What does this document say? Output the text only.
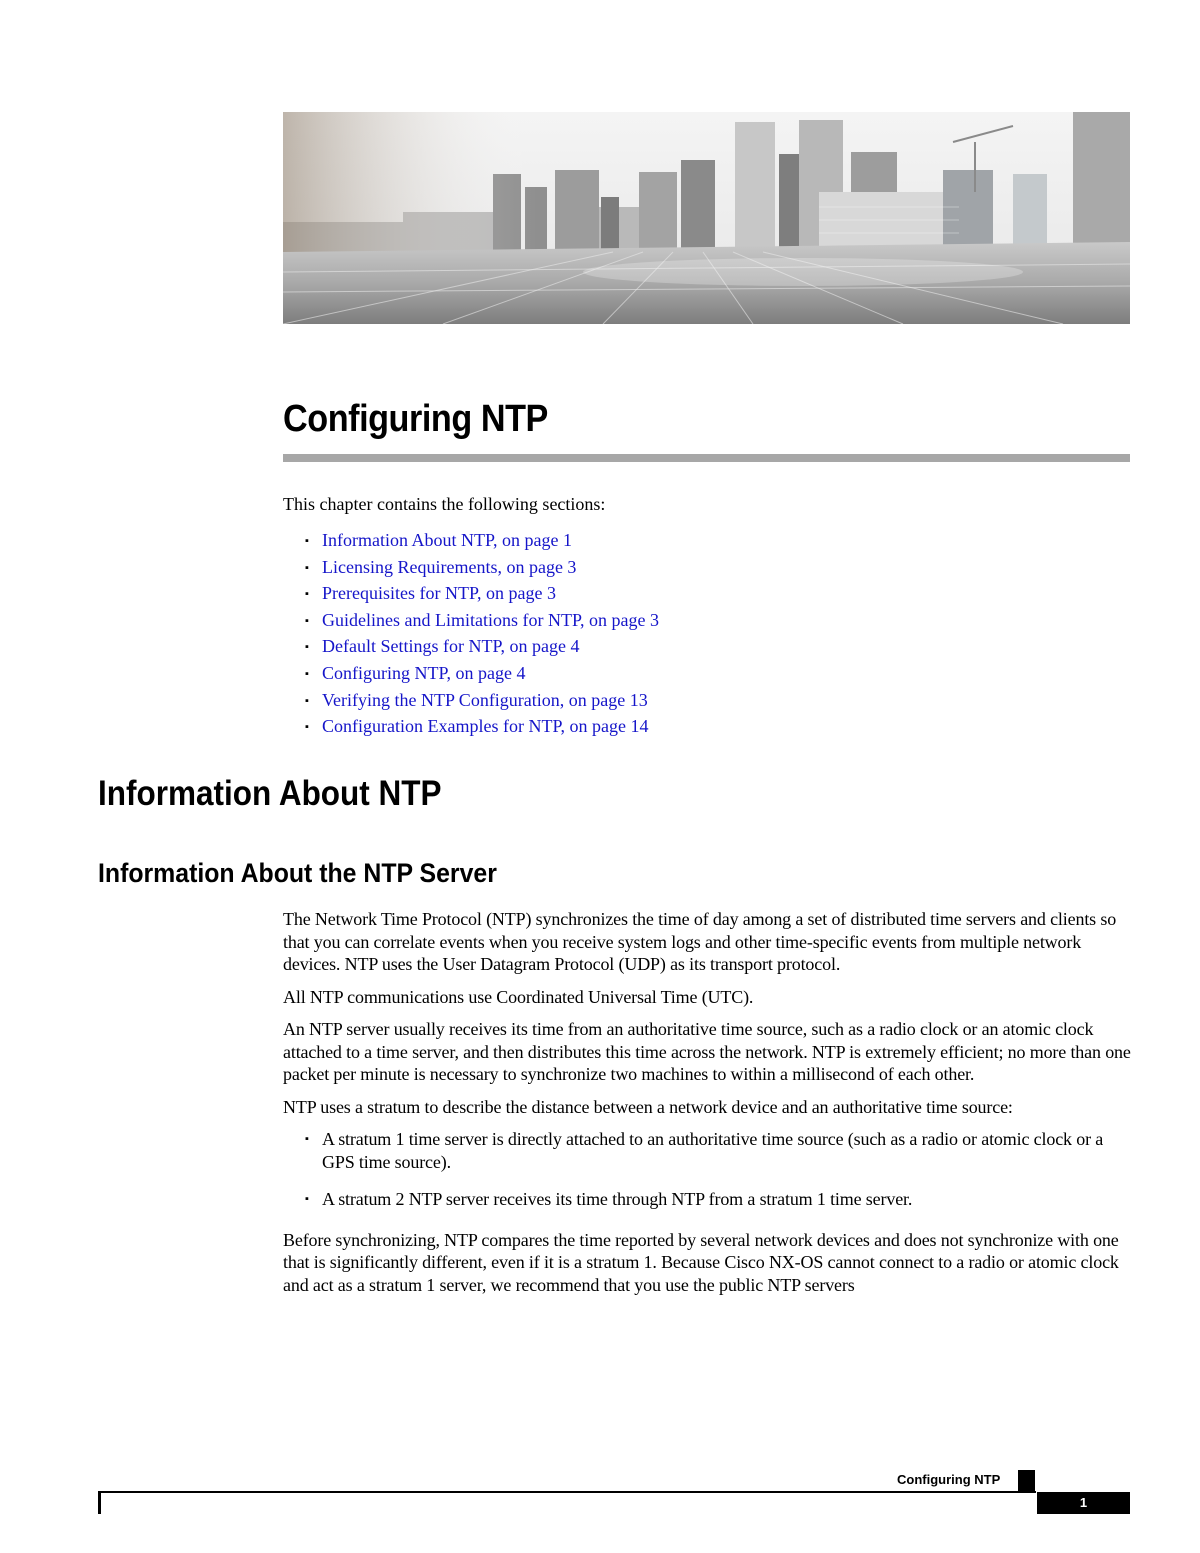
Configuring NTP

This chapter contains the following sections:

▪ Information About NTP, on page 1
▪ Licensing Requirements, on page 3
▪ Prerequisites for NTP, on page 3
▪ Guidelines and Limitations for NTP, on page 3
▪ Default Settings for NTP, on page 4
▪ Configuring NTP, on page 4
▪ Verifying the NTP Configuration, on page 13
▪ Configuration Examples for NTP, on page 14
Information About NTP
Information About the NTP Server

The Network Time Protocol (NTP) synchronizes the time of day among a set of distributed time servers and clients so that you can correlate events when you receive system logs and other time-specific events from multiple network devices. NTP uses the User Datagram Protocol (UDP) as its transport protocol.

All NTP communications use Coordinated Universal Time (UTC).

An NTP server usually receives its time from an authoritative time source, such as a radio clock or an atomic clock attached to a time server, and then distributes this time across the network. NTP is extremely efficient; no more than one packet per minute is necessary to synchronize two machines to within a millisecond of each other.

NTP uses a stratum to describe the distance between a network device and an authoritative time source:

▪ A stratum 1 time server is directly attached to an authoritative time source (such as a radio or atomic clock or a GPS time source).
▪ A stratum 2 NTP server receives its time through NTP from a stratum 1 time server.

Before synchronizing, NTP compares the time reported by several network devices and does not synchronize with one that is significantly different, even if it is a stratum 1. Because Cisco NX-OS cannot connect to a radio or atomic clock and act as a stratum 1 server, we recommend that you use the public NTP servers

Configuring NTP
1
